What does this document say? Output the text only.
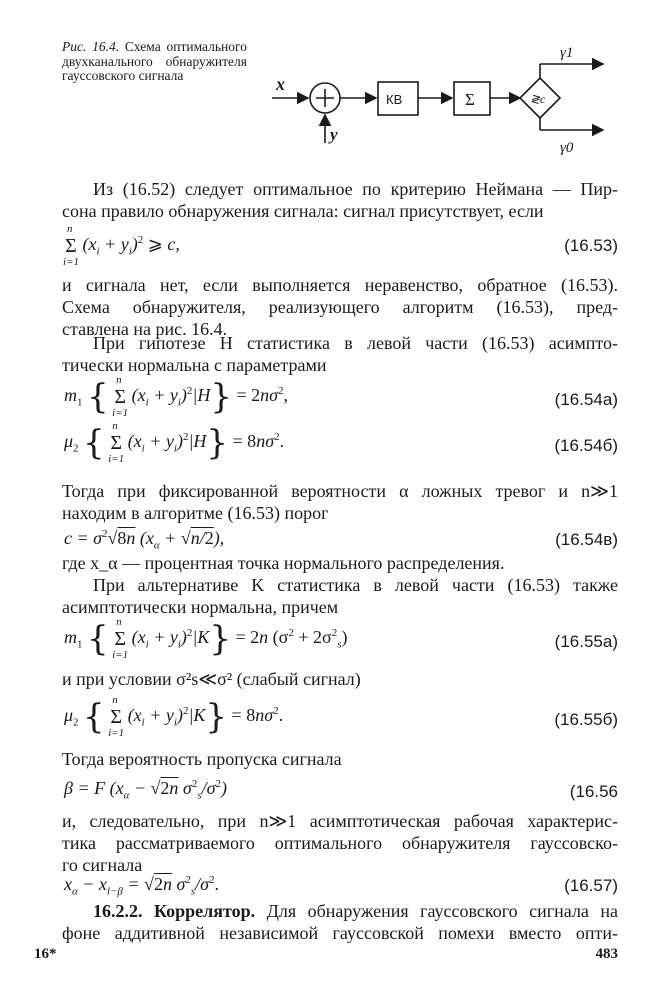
Рис. 16.4. Схема оптимального двухканального обнаружителя гауссовского сигнала	x
y
КВ	Σ	≷c
γ1
γ0
Из (16.52) следует оптимальное по критерию Неймана — Пир-
сона правило обнаружения сигнала: сигнал присутствует, если
n
Σ
i=1
$(x_i + y_i)^2$ ⩾ c,	(16.53)
и сигнала нет, если выполняется неравенство, обратное (16.53).
Схема обнаружителя, реализующего алгоритм (16.53), пред-
ставлена на рис. 16.4.
При гипотезе H статистика в левой части (16.53) асимпто-
тически нормальна с параметрами
$m_1$ { n
Σ
i=1
$(x_i + y_i)^2|H\} = 2n\sigma^2$,	(16.54а)
$\mu_2$ { n
Σ
i=1
$(x_i + y_i)^2|H\} = 8n\sigma^2$.	(16.54б)
Тогда при фиксированной вероятности α ложных тревог и n≫1
находим в алгоритме (16.53) порог
$c = \sigma^2√8n$ $(x_\alpha + √n/2)$,	(16.54в)
где x_α — процентная точка нормального распределения.
При альтернативе K статистика в левой части (16.53) также
асимптотически нормальна, причем
$m_1$ { n
Σ
i=1
$(x_i + y_i)^2|K\} = 2n$ $(\sigma^2 + 2\sigma^2_s)$	(16.55а)
и при условии σ²s≪σ² (слабый сигнал)
$\mu_2$ { n
Σ
i=1
$(x_i + y_i)^2|K\} = 8n\sigma^2$.	(16.55б)
Тогда вероятность пропуска сигнала
β = F ($x_\alpha - √2n$ $\sigma^2_s/\sigma^2$)	(16.56
и, следовательно, при n≫1 асимптотическая рабочая характерис-
тика рассматриваемого оптимального обнаружителя гауссовско-
го сигнала
$x_\alpha - x_{l-\beta} = √2n$ $\sigma^2_s/\sigma^2$.	(16.57)
16.2.2. Коррелятор. Для обнаружения гауссовского сигнала на
фоне аддитивной независимой гауссовской помехи вместо опти-
16*	483
